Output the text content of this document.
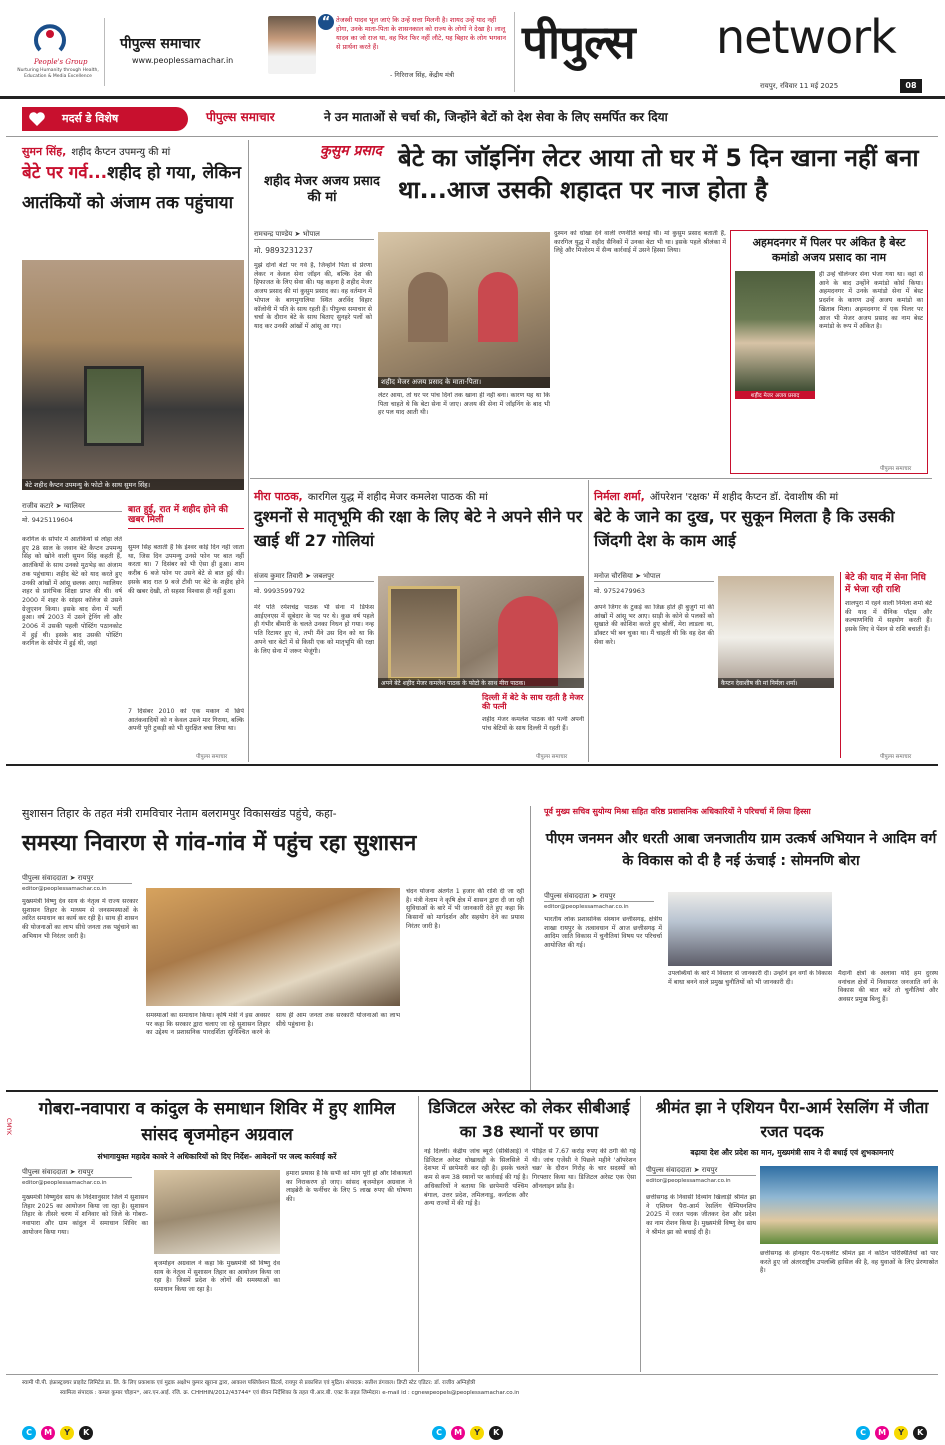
People's Group
Nurturing Humanity through Health, Education & Media Excellence
पीपुल्स समाचार
www.peoplessamachar.in
“ तेजस्वी यादव भूल जाएं कि उन्हें सत्ता मिलनी है। शायद उन्हें याद नहीं होगा, उनके माता-पिता के शासनकाल को राज्य के लोगों ने देखा है। लालू यादव का जो राज था, वह फिर फिर नहीं लौटे, यह बिहार के लोग भगवान से प्रार्थना करते हैं।
- गिरिराज सिंह, केंद्रीय मंत्री
पीपुल्स network
रायपुर, रविवार 11 मई 2025	08
मदर्स डे विशेष	पीपुल्स समाचार	ने उन माताओं से चर्चा की, जिन्होंने बेटों को देश सेवा के लिए समर्पित कर दिया
सुमन सिंह, शहीद कैप्टन उपमन्यु की मां
बेटे पर गर्व...शहीद हो गया, लेकिन आतंकियों को अंजाम तक पहुंचाया
बेटे शहीद कैप्टन उपमन्यु के फोटो के साथ सुमन सिंह।
राजीव कटारे ➤ ग्वालियर
मो. 9425119604
करगिल के सोपोर में आतंकियों से लोहा लेते हुए 28 साल के जवान बेटे कैप्टन उपमन्यु सिंह को खोने वाली सुमन सिंह कहती हैं, आतंकियों के साथ उनको मुठभेड़ का अंजाम तक पहुंचाया। शहीद बेटे को याद करते हुए उनकी आंखों में आंसू छलक आए। ग्वालियर शहर से प्रारंभिक शिक्षा प्राप्त की थी। वर्ष 2000 में शहर के सांइस कॉलेज से उसने ग्रेजुएशन किया। इसके बाद सेना में भर्ती हुआ। वर्ष 2003 में उसने ट्रेनिंग ली और 2006 में उसकी पहली पोस्टिंग पठानकोट में हुई थी। इसके बाद उसकी पोस्टिंग करगिल के सोपोर में हुई थी, जहां
बात हुई, रात में शहीद होने की खबर मिली
सुमन सिंह बताती हैं कि ईश्वर कोई दिन नहीं जाता था, जिस दिन उपमन्यु उनसे फोन पर बात नहीं करता था। 7 दिसंबर को भी ऐसा ही हुआ। शाम करीब 6 बजे फोन पर उसने बेटे से बात हुई थी। इसके बाद रात 9 बजे टीवी पर बेटे के शहीद होने की खबर देखी, तो सहसा विश्वास ही नहीं हुआ।
7 दिसंबर 2010 को एक मकान में छिपे आतंकवादियों को न केवल उसने मार गिराया, बल्कि अपनी पूरी टुकड़ी को भी सुरक्षित बचा लिया था।
पीपुल्स समाचार
कुसुम प्रसाद
शहीद मेजर अजय प्रसाद की मां
बेटे का जॉइनिंग लेटर आया तो घर में 5 दिन खाना नहीं बना था...आज उसकी शहादत पर नाज होता है
रामचन्द्र पाण्डेय ➤ भोपाल
मो. 9893231237
शहीद मेजर अजय प्रसाद के माता-पिता।
मुझे दोनों बेटों पर गर्व है, जिन्होंने पिता से प्रेरणा लेकर न केवल सेना जॉइन की, बल्कि देश की हिफाजत के लिए सेवा की। यह कहना है शहीद मेजर अजय प्रसाद की मां कुसुम प्रसाद का। वह वर्तमान में भोपाल के बागमुगालिया स्थित अरविंद विहार कॉलोनी में पति के साथ रहती हैं। पीपुल्स समाचार से चर्चा के दौरान बेटे के साथ बिताए सुनहरे पलों को याद कर उनकी आंखों में आंसू आ गए।
लेटर आया, तो घर पर पांच दिनों तक खाना ही नहीं बना। कारण यह था कि पिता चाहते थे कि बेटा सेना में जाए। अजय की सेना में जॉइनिंग के बाद भी हर पल याद आती थी।
दुश्मन को धोखा देने वाली रणनीति बनाई थी। मां कुसुम प्रसाद बताती हैं, कारगिल युद्ध में शहीद सैनिकों में उनका बेटा भी था। इसके पहले श्रीलंका में लिट्टे और मिजोरम में सैन्य कार्रवाई में उसने हिस्सा लिया।
अहमदनगर में पिलर पर अंकित है बेस्ट कमांडो अजय प्रसाद का नाम
शहीद मेजर अजय प्रसाद
ही उन्हें चीलेन्जर सेना भेजा गया था। वहां से आने के बाद उन्होंने कमांडो कोर्स किया। अहमदनगर में उनके कमांडो सेना में बेस्ट प्रदर्शन के कारण उन्हें अजय कमांडो का खिताब मिला। अहमदनगर में एक पिलर पर आज भी मेजर अजय प्रसाद का नाम बेस्ट कमांडो के रूप में अंकित है।
पीपुल्स समाचार
मीरा पाठक, कारगिल युद्ध में शहीद मेजर कमलेश पाठक की मां
दुश्मनों से मातृभूमि की रक्षा के लिए बेटे ने अपने सीने पर खाई थीं 27 गोलियां
संजय कुमार तिवारी ➤ जबलपुर
मो. 9993599792
मेरे पति रमेशचंद्र पाठक भी सेना में डिफेंस आईएनएस में सूबेदार के पद पर थे। कुछ वर्ष पहले ही गंभीर बीमारी के चलते उनका निधन हो गया। नन्ह पति रिटायर हुए थे, तभी मैंने उस दिन को था कि अपने चार बेटों में से किसी एक को मातृभूमि की रक्षा के लिए सेना में जरूर भेजूंगी।
अपने बेटे शहीद मेजर कमलेश पाठक के फोटो के साथ मीरा पाठक।
दिल्ली में बेटे के साथ रहती है मेजर की पत्नी
शहीद मेजर कमलेश पाठक की पत्नी अपनी पांच बेटियों के साथ दिल्ली में रहती हैं।
पीपुल्स समाचार
निर्मला शर्मा, ऑपरेशन 'रक्षक' में शहीद कैप्टन डॉ. देवाशीष की मां
बेटे के जाने का दुख, पर सुकून मिलता है कि उसकी जिंदगी देश के काम आई
मनोज चौरसिया ➤ भोपाल
मो. 9752479963
अपने जिगर के टुकड़े का जिक्र होते ही बुजुर्ग मां की आंखों में आंसू भर आए। साड़ी के कोने से पलकों को सुखाते की कोशिश करते हुए बोलीं, मेरा लाडला था, डॉक्टर भी बन चुका था। मैं चाहती थी कि वह देश की सेवा करे।
कैप्टन देवाशीष की मां निर्मला शर्मा।
बेटे की याद में सेना निधि में भेजा रही राशि
शालपुरा में रहने वाली निर्मला शर्मा बेटे की याद में सैनिक पॉट्स और कल्याणनिधि में सहयोग करती हैं। इसके लिए वे पेंशन से राशि बचाती हैं।
पीपुल्स समाचार
सुशासन तिहार के तहत मंत्री रामविचार नेताम बलरामपुर विकासखंड पहुंचे, कहा-
समस्या निवारण से गांव-गांव में पहुंच रहा सुशासन
पीपुल्स संवाददाता ➤ रायपुर
editor@peoplessamachar.co.in
मुख्यमंत्री विष्णु देव साय के नेतृत्व में राज्य सरकार सुशासन तिहार के माध्यम से जनसमस्याओं के त्वरित समाधान का कार्य कर रही है। साथ ही शासन की योजनाओं का लाभ सीधे जनता तक पहुंचाने का अभियान भी निरंतर जारी है।
समस्याओं का समाधान किया। कृषि मंत्री ने इस अवसर पर कहा कि सरकार द्वारा चलाए जा रहे सुशासन तिहार का उद्देश्य न प्रशासनिक पारदर्शिता सुनिश्चित करने के साथ ही आम जनता तक सरकारी योजनाओं का लाभ सीधे पहुंचाना है।
चंदन योजना अंतर्गत 1 हजार की राशि दी जा रही है। मंत्री नेताम ने कृषि क्षेत्र में शासन द्वारा दी जा रही सुविधाओं के बारे में भी जानकारी देते हुए कहा कि किसानों को मार्गदर्शन और सहयोग देने का प्रयास निरंतर जारी है।
पूर्व मुख्य सचिव सुयोग्य मिश्रा सहित वरिष्ठ प्रशासनिक अधिकारियों ने परिचर्चा में लिया हिस्सा
पीएम जनमन और धरती आबा जनजातीय ग्राम उत्कर्ष अभियान ने आदिम वर्ग के विकास को दी है नई ऊंचाई : सोमनणि बोरा
पीपुल्स संवाददाता ➤ रायपुर
editor@peoplessamachar.co.in
भारतीय लोक प्रशासनिक संस्थान छत्तीसगढ़, क्षेत्रीय शाखा रायपुर के तत्वावधान में आज छत्तीसगढ़ में आदिम जाति विकास में चुनौतियां विषय पर परिचर्चा आयोजित की गई।
उपलब्धियों के बारे में विस्तार से जानकारी दी। उन्होंने इन वर्गों के विकास में बाधा बनने वाले प्रमुख चुनौतियों को भी जानकारी दी।
मैदानी क्षेत्रों के अलावा यदि हम दुरस्थ वनांचल क्षेत्रों में निवासरत जनजाति वर्ग के विकास की बात करें तो चुनौतियां और अवसर प्रमुख बिन्दु हैं।
गोबरा-नवापारा व कांदुल के समाधान शिविर में हुए शामिल सांसद बृजमोहन अग्रवाल
संभागायुक्त महादेव कावरे ने अधिकारियों को दिए निर्देश- आवेदनों पर जल्द कार्रवाई करें
पीपुल्स संवाददाता ➤ रायपुर
editor@peoplessamachar.co.in
मुख्यमंत्री विष्णुदेव साय के निर्देशानुसार जिले में सुशासन तिहार 2025 का आयोजन किया जा रहा है। सुशासन तिहार के तीसरे चरण में शनिवार को जिले के गोबरा-नवापारा और ग्राम कांदुल में समाधान शिविर का आयोजन किया गया।
बृजमोहन अग्रवाल ने कहा कि मुख्यमंत्री श्री विष्णु देव साय के नेतृत्व में सुशासन तिहार का आयोजन किया जा रहा है। जिसमें प्रदेश के लोगों की समस्याओं का समाधान किया जा रहा है।
हमारा प्रयास है कि सभी को मांग पूरी हो और शिकायतों का निराकरण हो जाए। सांसद बृजमोहन अग्रवाल ने लाइब्रेरी के फर्नीचर के लिए 5 लाख रुपए की घोषणा की।
डिजिटल अरेस्ट को लेकर सीबीआई का 38 स्थानों पर छापा
नई दिल्ली। केंद्रीय जांच ब्यूरो (सीबीआई) ने डिजिटल अरेस्ट धोखाधड़ी के सिलसिले में देशभर में छापेमारी कर रही है। इसके चलते कम से कम 38 स्थानों पर कार्रवाई की गई है। अधिकारियों ने बताया कि छापेमारी पश्चिम बंगाल, उत्तर प्रदेश, तमिलनाडु, कर्नाटक और अन्य राज्यों में की गई है।
पीड़ित से 7.67 करोड़ रुपए की ठगी की गई थी। जांच एजेंसी ने पिछले महीने 'ऑपरेशन चक्र' के दौरान गिरोह के चार सदस्यों को गिरफ्तार किया था। डिजिटल अरेस्ट एक ऐसा ऑनलाइन फ्रॉड है।
श्रीमंत झा ने एशियन पैरा-आर्म रेसलिंग में जीता रजत पदक
बढ़ाया देश और प्रदेश का मान, मुख्यमंत्री साय ने दी बधाई एवं शुभकामनाएं
पीपुल्स संवाददाता ➤ रायपुर
editor@peoplessamachar.co.in
छत्तीसगढ़ के निवासी दिव्यांग खिलाड़ी श्रीमंत झा ने एशियन पैरा-आर्म रेसलिंग चैम्पियनशिप 2025 में रजत पदक जीतकर देश और प्रदेश का नाम रोशन किया है। मुख्यमंत्री विष्णु देव साय ने श्रीमंत झा को बधाई दी है।
छत्तीसगढ़ के होनहार पैरा-एथलीट श्रीमंत झा ने कठिन परिस्थितियों को पार करते हुए जो अंतरराष्ट्रीय उपलब्धि हासिल की है, वह युवाओं के लिए प्रेरणास्रोत है।
स्वामी पी.पी. इंफ्रास्ट्रक्चर प्राइवेट लिमिटेड प्रा. लि. के लिए प्रकाशक एवं मुद्रक अक्षोभ कुमार खुराना द्वारा, आकाश पब्लिकेशन प्रिंटर्स, रायपुर से प्रकाशित एवं मुद्रित। संपादक: सतीश डंगवाल। डिप्टी स्टेट एडिटर: डॉ. राजीव अग्निहोत्री
स्वामित्व संपादक : कमल कुमार चौहान*, आर.एन.आई. रजि. क्र. CHHHIN/2012/43744* एवं बीवन निर्देशिका के तहत पी.आर.बी. एक्ट के तहत जिम्मेदार। e-mail id : cgnewpeopels@peoplessamachar.co.in
CMYK
C M Y K	C M Y K	C M Y K
